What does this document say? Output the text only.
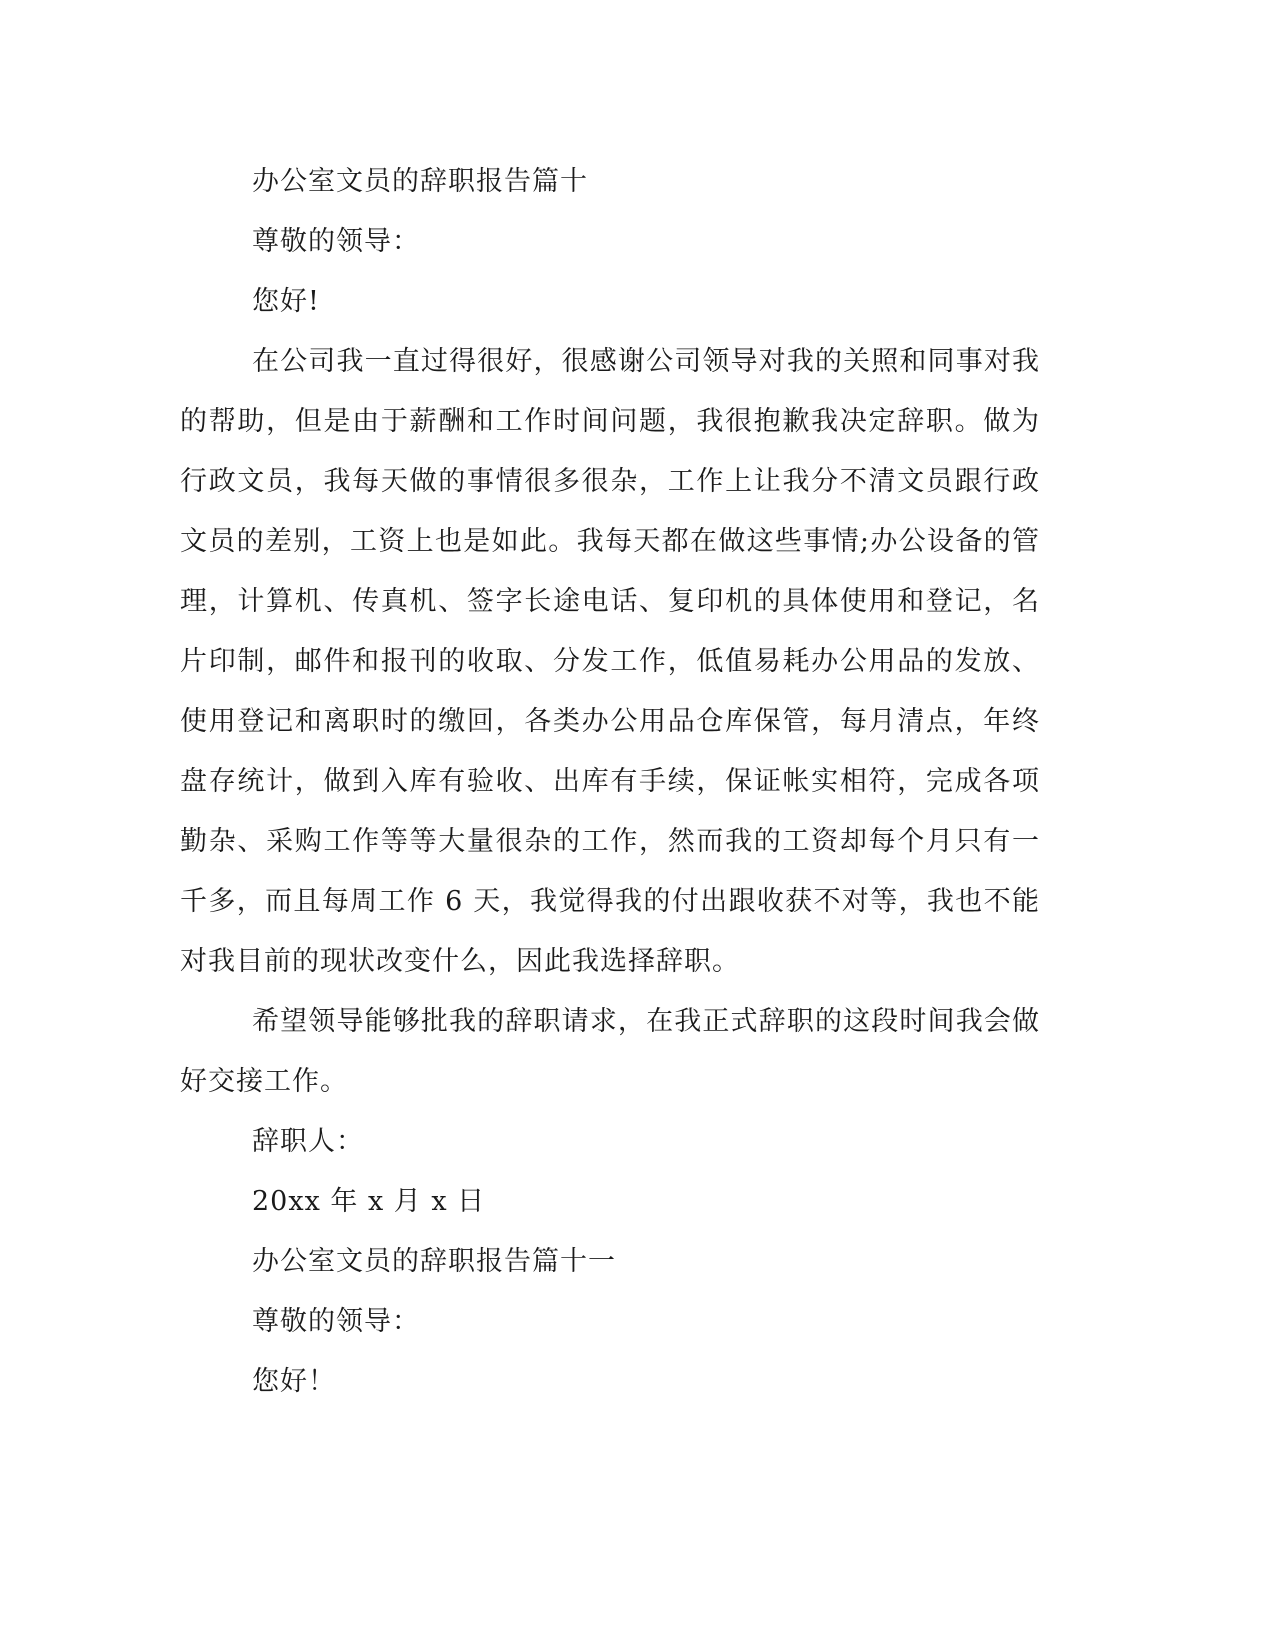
办公室文员的辞职报告篇十
尊敬的领导：
您好!

在公司我一直过得很好，很感谢公司领导对我的关照和同事对我的帮助，但是由于薪酬和工作时间问题，我很抱歉我决定辞职。做为行政文员，我每天做的事情很多很杂，工作上让我分不清文员跟行政文员的差别，工资上也是如此。我每天都在做这些事情;办公设备的管理，计算机、传真机、签字长途电话、复印机的具体使用和登记，名片印制，邮件和报刊的收取、分发工作，低值易耗办公用品的发放、使用登记和离职时的缴回，各类办公用品仓库保管，每月清点，年终盘存统计，做到入库有验收、出库有手续，保证帐实相符，完成各项勤杂、采购工作等等大量很杂的工作，然而我的工资却每个月只有一千多，而且每周工作 6 天，我觉得我的付出跟收获不对等，我也不能对我目前的现状改变什么，因此我选择辞职。

希望领导能够批我的辞职请求，在我正式辞职的这段时间我会做好交接工作。

辞职人：
20xx 年 x 月 x 日
办公室文员的辞职报告篇十一
尊敬的领导：
您好！
